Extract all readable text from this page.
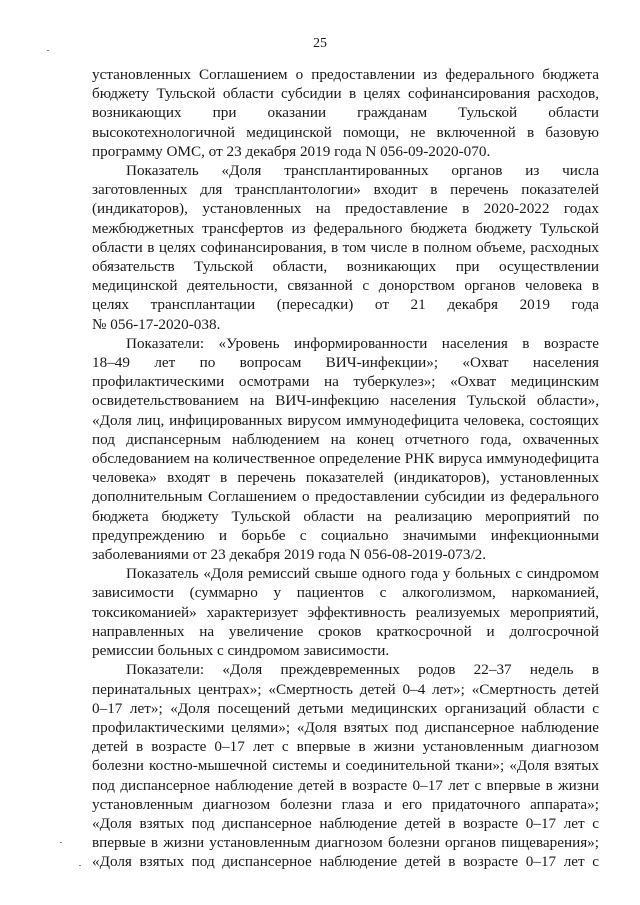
25
установленных Соглашением о предоставлении из федерального бюджета
бюджету Тульской области субсидии в целях софинансирования расходов,
возникающих при оказании гражданам Тульской области
высокотехнологичной медицинской помощи, не включенной в базовую
программу ОМС, от 23 декабря 2019 года N 056-09-2020-070.
Показатель «Доля трансплантированных органов из числа
заготовленных для трансплантологии» входит в перечень показателей
(индикаторов), установленных на предоставление в 2020-2022 годах
межбюджетных трансфертов из федерального бюджета бюджету Тульской
области в целях софинансирования, в том числе в полном объеме, расходных
обязательств Тульской области, возникающих при осуществлении
медицинской деятельности, связанной с донорством органов человека в
целях трансплантации (пересадки) от 21 декабря 2019 года
№ 056-17-2020-038.
Показатели: «Уровень информированности населения в возрасте
18–49 лет по вопросам ВИЧ-инфекции»; «Охват населения
профилактическими осмотрами на туберкулез»; «Охват медицинским
освидетельствованием на ВИЧ-инфекцию населения Тульской области»,
«Доля лиц, инфицированных вирусом иммунодефицита человека, состоящих
под диспансерным наблюдением на конец отчетного года, охваченных
обследованием на количественное определение РНК вируса иммунодефицита
человека» входят в перечень показателей (индикаторов), установленных
дополнительным Соглашением о предоставлении субсидии из федерального
бюджета бюджету Тульской области на реализацию мероприятий по
предупреждению и борьбе с социально значимыми инфекционными
заболеваниями от 23 декабря 2019 года N 056-08-2019-073/2.
Показатель «Доля ремиссий свыше одного года у больных с синдромом
зависимости (суммарно у пациентов с алкоголизмом, наркоманией,
токсикоманией» характеризует эффективность реализуемых мероприятий,
направленных на увеличение сроков краткосрочной и долгосрочной
ремиссии больных с синдромом зависимости.
Показатели: «Доля преждевременных родов 22–37 недель в
перинатальных центрах»; «Смертность детей 0–4 лет»; «Смертность детей
0–17 лет»; «Доля посещений детьми медицинских организаций области с
профилактическими целями»; «Доля взятых под диспансерное наблюдение
детей в возрасте 0–17 лет с впервые в жизни установленным диагнозом
болезни костно-мышечной системы и соединительной ткани»; «Доля взятых
под диспансерное наблюдение детей в возрасте 0–17 лет с впервые в жизни
установленным диагнозом болезни глаза и его придаточного аппарата»;
«Доля взятых под диспансерное наблюдение детей в возрасте 0–17 лет с
впервые в жизни установленным диагнозом болезни органов пищеварения»;
«Доля взятых под диспансерное наблюдение детей в возрасте 0–17 лет с
